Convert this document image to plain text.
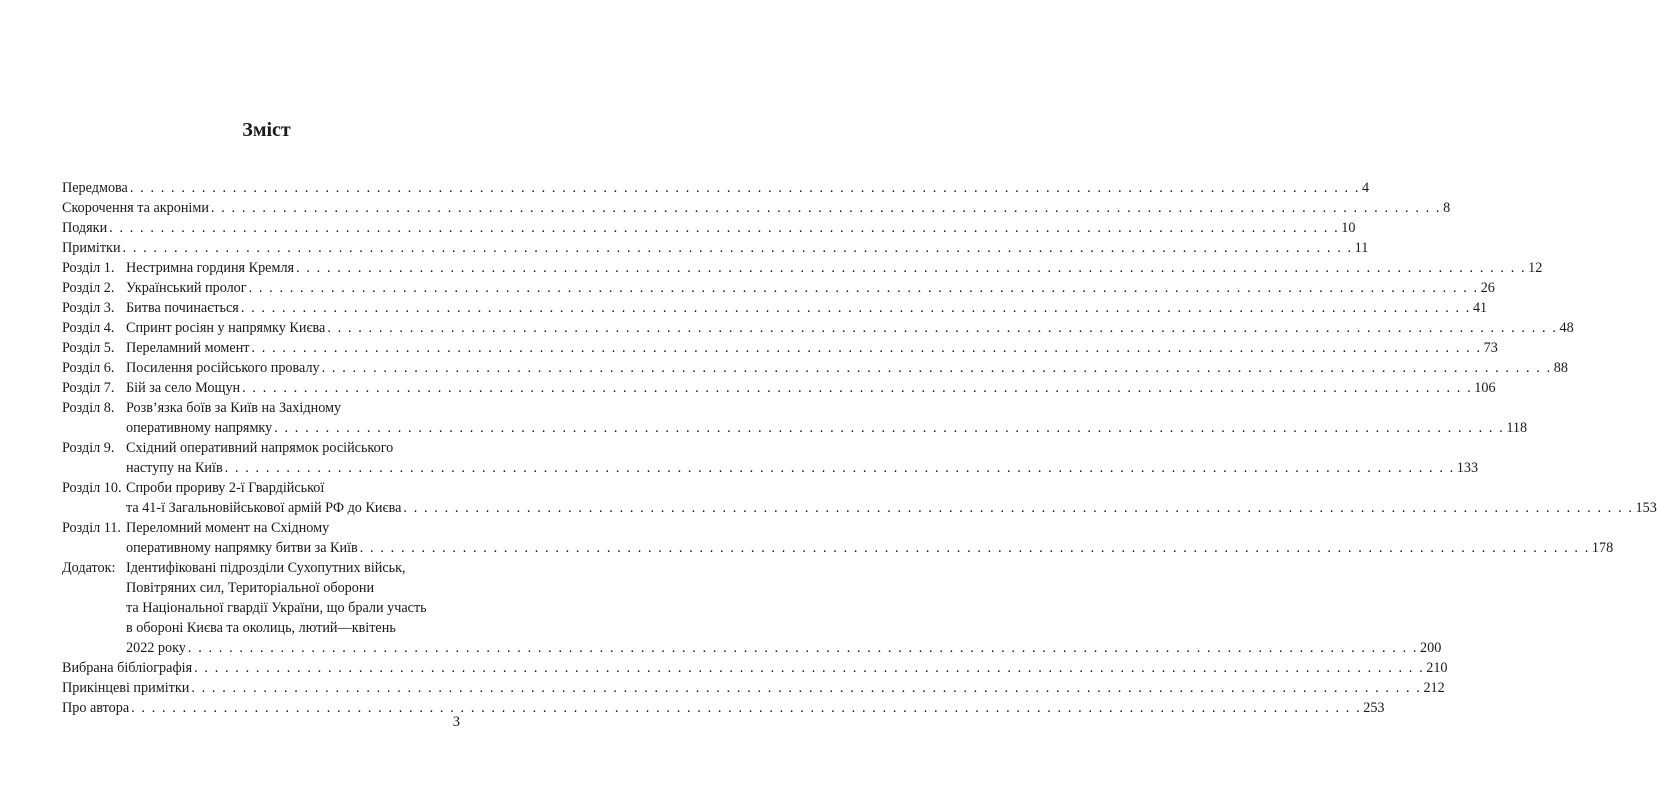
Зміст
Передмова . . . . . . . . . . . . . . . . . . . . . . . . . . . . . . . . . . . . . . . . . . . . . . . . . . . . . . . . . . . . . . . . . . . . . . . . . . . . . . . . . . . . . . . . . . . . . . . . . . . . . . . . . . . . . . . . . . . . . . . . 4
Скорочення та акроніми . . . . . . . . . . . . . . . . . . . . . . . . . . . . . . . . . . . . . . . . . . . . . . . . . . . . . . . . . . . . . . . . . . . . . . . . . . . . . . . . . . . . . . . . . . . . . . . . . . . . . . . . . . . . . . . . . . . . . . . . 8
Подяки . . . . . . . . . . . . . . . . . . . . . . . . . . . . . . . . . . . . . . . . . . . . . . . . . . . . . . . . . . . . . . . . . . . . . . . . . . . . . . . . . . . . . . . . . . . . . . . . . . . . . . . . . . . . . . . . . . . . . . . . 10
Примітки . . . . . . . . . . . . . . . . . . . . . . . . . . . . . . . . . . . . . . . . . . . . . . . . . . . . . . . . . . . . . . . . . . . . . . . . . . . . . . . . . . . . . . . . . . . . . . . . . . . . . . . . . . . . . . . . . . . . . . . . 11
Розділ 1. Нестримна гординя Кремля . . . . . . . . . . . . . . . . . . . . . . . . . . . . . . . . . . . . . . . . . . . . . . . . . . . . . . . . . . . . . . . . . . . . . . . . . . . . . . . . . . . . . . . . . . . . . . . . . . . . . . . . . . . . . . . . . . . . . . . . 12
Розділ 2. Український пролог . . . . . . . . . . . . . . . . . . . . . . . . . . . . . . . . . . . . . . . . . . . . . . . . . . . . . . . . . . . . . . . . . . . . . . . . . . . . . . . . . . . . . . . . . . . . . . . . . . . . . . . . . . . . . . . . . . . . . . . . 26
Розділ 3. Битва починається . . . . . . . . . . . . . . . . . . . . . . . . . . . . . . . . . . . . . . . . . . . . . . . . . . . . . . . . . . . . . . . . . . . . . . . . . . . . . . . . . . . . . . . . . . . . . . . . . . . . . . . . . . . . . . . . . . . . . . . . 41
Розділ 4. Спринт росіян у напрямку Києва . . . . . . . . . . . . . . . . . . . . . . . . . . . . . . . . . . . . . . . . . . . . . . . . . . . . . . . . . . . . . . . . . . . . . . . . . . . . . . . . . . . . . . . . . . . . . . . . . . . . . . . . . . . . . . . . . . . . . . . . 48
Розділ 5. Переламний момент . . . . . . . . . . . . . . . . . . . . . . . . . . . . . . . . . . . . . . . . . . . . . . . . . . . . . . . . . . . . . . . . . . . . . . . . . . . . . . . . . . . . . . . . . . . . . . . . . . . . . . . . . . . . . . . . . . . . . . . . 73
Розділ 6. Посилення російського провалу . . . . . . . . . . . . . . . . . . . . . . . . . . . . . . . . . . . . . . . . . . . . . . . . . . . . . . . . . . . . . . . . . . . . . . . . . . . . . . . . . . . . . . . . . . . . . . . . . . . . . . . . . . . . . . . . . . . . . . . . 88
Розділ 7. Бій за село Мощун . . . . . . . . . . . . . . . . . . . . . . . . . . . . . . . . . . . . . . . . . . . . . . . . . . . . . . . . . . . . . . . . . . . . . . . . . . . . . . . . . . . . . . . . . . . . . . . . . . . . . . . . . . . . . . . . . . . . . . . . 106
Розділ 8. Розв’язка боїв за Київ на Західному
оперативному напрямку . . . . . . . . . . . . . . . . . . . . . . . . . . . . . . . . . . . . . . . . . . . . . . . . . . . . . . . . . . . . . . . . . . . . . . . . . . . . . . . . . . . . . . . . . . . . . . . . . . . . . . . . . . . . . . . . . . . . . . . . 118
Розділ 9. Східний оперативний напрямок російського
наступу на Київ . . . . . . . . . . . . . . . . . . . . . . . . . . . . . . . . . . . . . . . . . . . . . . . . . . . . . . . . . . . . . . . . . . . . . . . . . . . . . . . . . . . . . . . . . . . . . . . . . . . . . . . . . . . . . . . . . . . . . . . . 133
Розділ 10. Спроби прориву 2-ї Гвардійської
та 41-ї Загальновійськової армій РФ до Києва . . . . . . . . . . . . . . . . . . . . . . . . . . . . . . . . . . . . . . . . . . . . . . . . . . . . . . . . . . . . . . . . . . . . . . . . . . . . . . . . . . . . . . . . . . . . . . . . . . . . . . . . . . . . . . . . . . . . . . . . 153
Розділ 11. Переломний момент на Східному
оперативному напрямку битви за Київ . . . . . . . . . . . . . . . . . . . . . . . . . . . . . . . . . . . . . . . . . . . . . . . . . . . . . . . . . . . . . . . . . . . . . . . . . . . . . . . . . . . . . . . . . . . . . . . . . . . . . . . . . . . . . . . . . . . . . . . . 178
Додаток: Ідентифіковані підрозділи Сухопутних військ,
Повітряних сил, Територіальної оборони
та Національної гвардії України, що брали участь
в обороні Києва та околиць, лютий—квітень
2022 року . . . . . . . . . . . . . . . . . . . . . . . . . . . . . . . . . . . . . . . . . . . . . . . . . . . . . . . . . . . . . . . . . . . . . . . . . . . . . . . . . . . . . . . . . . . . . . . . . . . . . . . . . . . . . . . . . . . . . . . . 200
Вибрана бібліографія . . . . . . . . . . . . . . . . . . . . . . . . . . . . . . . . . . . . . . . . . . . . . . . . . . . . . . . . . . . . . . . . . . . . . . . . . . . . . . . . . . . . . . . . . . . . . . . . . . . . . . . . . . . . . . . . . . . . . . . . 210
Прикінцеві примітки . . . . . . . . . . . . . . . . . . . . . . . . . . . . . . . . . . . . . . . . . . . . . . . . . . . . . . . . . . . . . . . . . . . . . . . . . . . . . . . . . . . . . . . . . . . . . . . . . . . . . . . . . . . . . . . . . . . . . . . . 212
Про автора . . . . . . . . . . . . . . . . . . . . . . . . . . . . . . . . . . . . . . . . . . . . . . . . . . . . . . . . . . . . . . . . . . . . . . . . . . . . . . . . . . . . . . . . . . . . . . . . . . . . . . . . . . . . . . . . . . . . . . . . 253
3
